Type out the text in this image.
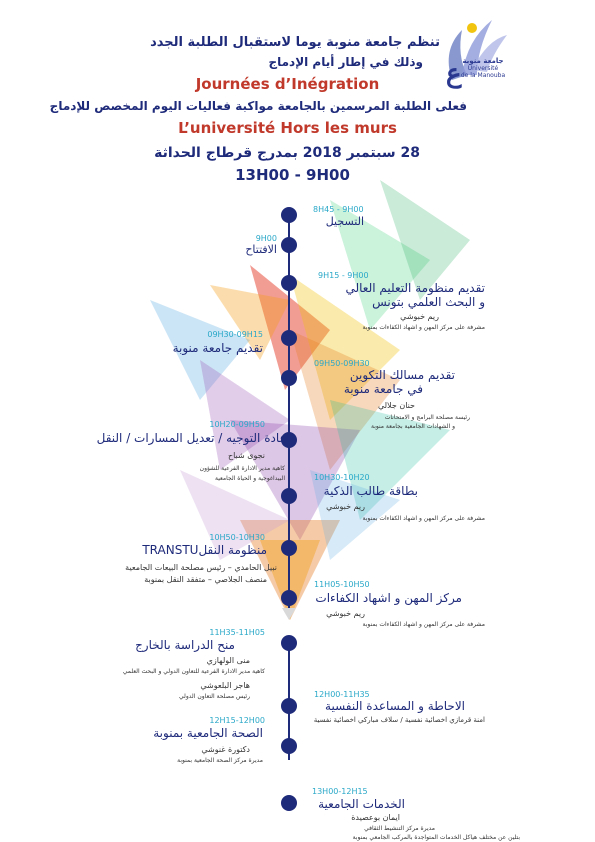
ع جامعة منوبة
Université
de la Manouba
تنظم جامعة منوبة يوما لاستقبال الطلبة الجدد
وذلك في إطار أيام الإدماج
Journées d’Inégration
فعلى الطلبة المرسمين بالجامعة مواكبة فعاليات اليوم المخصص للإدماج
L’université Hors les murs
28 سبتمبر 2018 بمدرج قرطاج الحداثة
13H00 - 9H00
8H45 - 9H00
التسجيل
9H00
الافتتاح
9H15 - 9H00
تقديم منظومة التعليم العالي
و البحث العلمي بتونس
ريم خبوشي
مشرفة على مركز المهن و اشهاد الكفاءات بمنوبة
09H30-09H15
تقديم جامعة منوبة
09H50-09H30
تقديم مسالك التكوين
في جامعة منوبة
حنان جلالي
رئيسة مصلحة البرامج و الامتحانات
و الشهادات الجامعية بجامعة منوبة
10H20-09H50
اعادة التوجيه / تعديل المسارات / النقل
نجوى شباح
كاهية مدير الادارة الفرعية للشؤون
البيداغوجية و الحياة الجامعية	10H30-10H20
بطاقة طالب الذكية
ريم خبوشي
مشرفة على مركز المهن و اشهاد الكفاءات بمنوبة
10H50-10H30
منظومة النقلTRANSTU
نبيل الحامدي – رئيس مصلحة البيعات الجامعية
منصف الجلاصي – متفقد النقل بمنوبة
11H05-10H50
مركز المهن و اشهاد الكفاءات
ريم خبوشي
مشرفة على مركز المهن و اشهاد الكفاءات بمنوبة
11H35-11H05
منح الدراسة بالخارج
منى الولهازي
كاهية مدير الادارة الفرعية للتعاون الدولي و البحث العلمي
هاجر البلعوشي
رئيس مصلحة التعاون الدولي	12H00-11H35
الاحاطة و المساعدة النفسية
امنة قرمازي اخصائية نفسية / سلاف مباركي اخصائية نفسية
12H15-12H00
الصحة الجامعية بمنوبة
دكتورة غنوشي
مديرة مركز الصحة الجامعية بمنوبة
13H00-12H15
الخدمات الجامعية
ايمان بوعصيدة
مديرة مركز التنشيط الثقافي
بتلين عن مختلف هياكل الخدمات المتواجدة بالمركب الجامعي بمنوبة
